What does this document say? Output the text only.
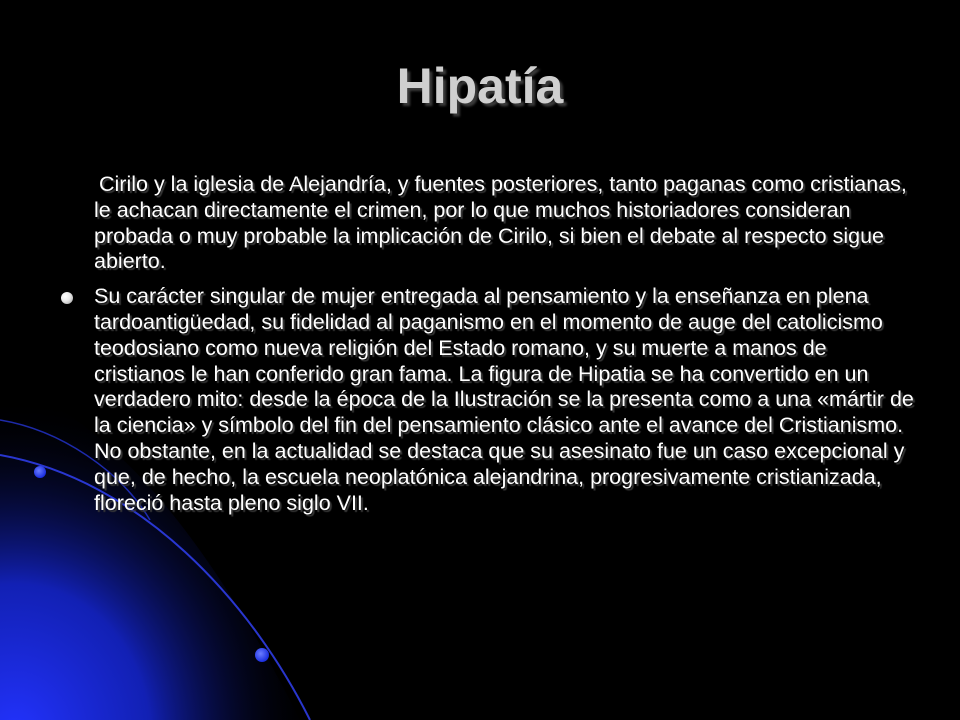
Hipatía
Cirilo y la iglesia de Alejandría, y fuentes posteriores, tanto paganas como cristianas, le achacan directamente el crimen, por lo que muchos historiadores consideran probada o muy probable la implicación de Cirilo, si bien el debate al respecto sigue abierto.
Su carácter singular de mujer entregada al pensamiento y la enseñanza en plena tardoantigüedad, su fidelidad al paganismo en el momento de auge del catolicismo teodosiano como nueva religión del Estado romano, y su muerte a manos de cristianos le han conferido gran fama. La figura de Hipatia se ha convertido en un verdadero mito: desde la época de la Ilustración se la presenta como a una «mártir de la ciencia» y símbolo del fin del pensamiento clásico ante el avance del Cristianismo. No obstante, en la actualidad se destaca que su asesinato fue un caso excepcional y que, de hecho, la escuela neoplatónica alejandrina, progresivamente cristianizada, floreció hasta pleno siglo VII.
